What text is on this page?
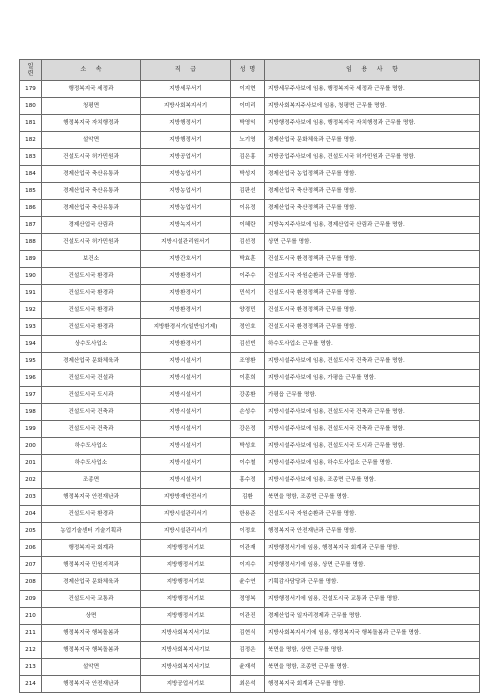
일
련	소     속	직     급	성  명	임     용     사     항
179	행정복지국 세정과	지방세무서기	이지현	지방세무주사보에 임용, 행정복지국 세정과 근무를 명함.
180	청평면	지방사회복지서기	이미리	지방사회복지주사보에 임용, 청평면 근무를 명함.
181	행정복지국 자치행정과	지방행정서기	박영익	지방행정주사보에 임용, 행정복지국 자치행정과 근무를 명함.
182	설악면	지방행정서기	노기영	경제산업국 문화체육과 근무를 명함.
183	건설도시국 허가민원과	지방공업서기	김은홍	지방공업주사보에 임용, 건설도시국 허가민원과 근무를 명함.
184	경제산업국 축산유통과	지방농업서기	박성지	경제산업국 농업정책과 근무를 명함.
185	경제산업국 축산유통과	지방농업서기	김판선	경제산업국 축산정책과 근무를 명함.
186	경제산업국 축산유통과	지방농업서기	이유정	경제산업국 축산정책과 근무를 명함.
187	경제산업국 산림과	지방녹지서기	이혜란	지방녹지주사보에 임용, 경제산업국 산림과 근무를 명함.
188	건설도시국 허가민원과	지방시설관리원서기	김선정	상면 근무를 명함.
189	보건소	지방간호서기	박효훈	건설도시국 환경정책과 근무를 명함.
190	건설도시국 환경과	지방환경서기	이주수	건설도시국 자원순환과 근무를 명함.
191	건설도시국 환경과	지방환경서기	민석기	건설도시국 환경정책과 근무를 명함.
192	건설도시국 환경과	지방환경서기	양경민	건설도시국 환경정책과 근무를 명함.
193	건설도시국 환경과	지방환경서기(일반임기제)	정인호	건설도시국 환경정책과 근무를 명함.
194	상수도사업소	지방환경서기	김선빈	하수도사업소 근무를 명함.
195	경제산업국 문화체육과	지방시설서기	조영환	지방시설주사보에 임용, 건설도시국 건축과 근무를 명함.
196	건설도시국 건설과	지방시설서기	이훈희	지방시설주사보에 임용, 가평읍 근무를 명함.
197	건설도시국 도시과	지방시설서기	강종환	가평읍 근무를 명함.
198	건설도시국 건축과	지방시설서기	손성수	지방시설주사보에 임용, 건설도시국 건축과 근무를 명함.
199	건설도시국 건축과	지방시설서기	강은정	지방시설주사보에 임용, 건설도시국 건축과 근무를 명함.
200	하수도사업소	지방시설서기	박성호	지방시설주사보에 임용, 건설도시국 도시과 근무를 명함.
201	하수도사업소	지방시설서기	이수철	지방시설주사보에 임용, 하수도사업소 근무를 명함.
202	조종면	지방시설서기	홍수정	지방시설주사보에 임용, 조종면 근무를 명함.
203	행정복지국 안전재난과	지방방재안전서기	김환	북면을 명함, 조종면 근무를 명함.
204	건설도시국 환경과	지방시설관리서기	한용준	건설도시국 자원순환과 근무를 명함.
205	농업기술센터 기술기획과	지방시설관리서기	이정호	행정복지국 안전재난과 근무를 명함.
206	행정복지국 회계과	지방행정서기보	이관재	지방행정서기에 임용, 행정복지국 회계과 근무를 명함.
207	행정복지국 민원지적과	지방행정서기보	이지수	지방행정서기에 임용, 상면 근무를 명함.
208	경제산업국 문화체육과	지방행정서기보	윤수연	기획감사담당과 근무를 명함.
209	건설도시국 교통과	지방행정서기보	정영복	지방행정서기에 임용, 건설도시국 교통과 근무를 명함.
210	상면	지방행정서기보	이관진	경제산업국 일자리경제과 근무를 명함.
211	행정복지국 행복돌봄과	지방사회복지서기보	김현식	지방사회복지서기에 임용, 행정복지국 행복돌봄과 근무를 명함.
212	행정복지국 행복돌봄과	지방사회복지서기보	김정은	북면을 명함, 상면 근무를 명함.
213	설악면	지방사회복지서기보	윤재석	북면을 명함, 조종면 근무를 명함.
214	행정복지국 안전재난과	지방공업서기보	최은석	행정복지국 회계과 근무를 명함.
